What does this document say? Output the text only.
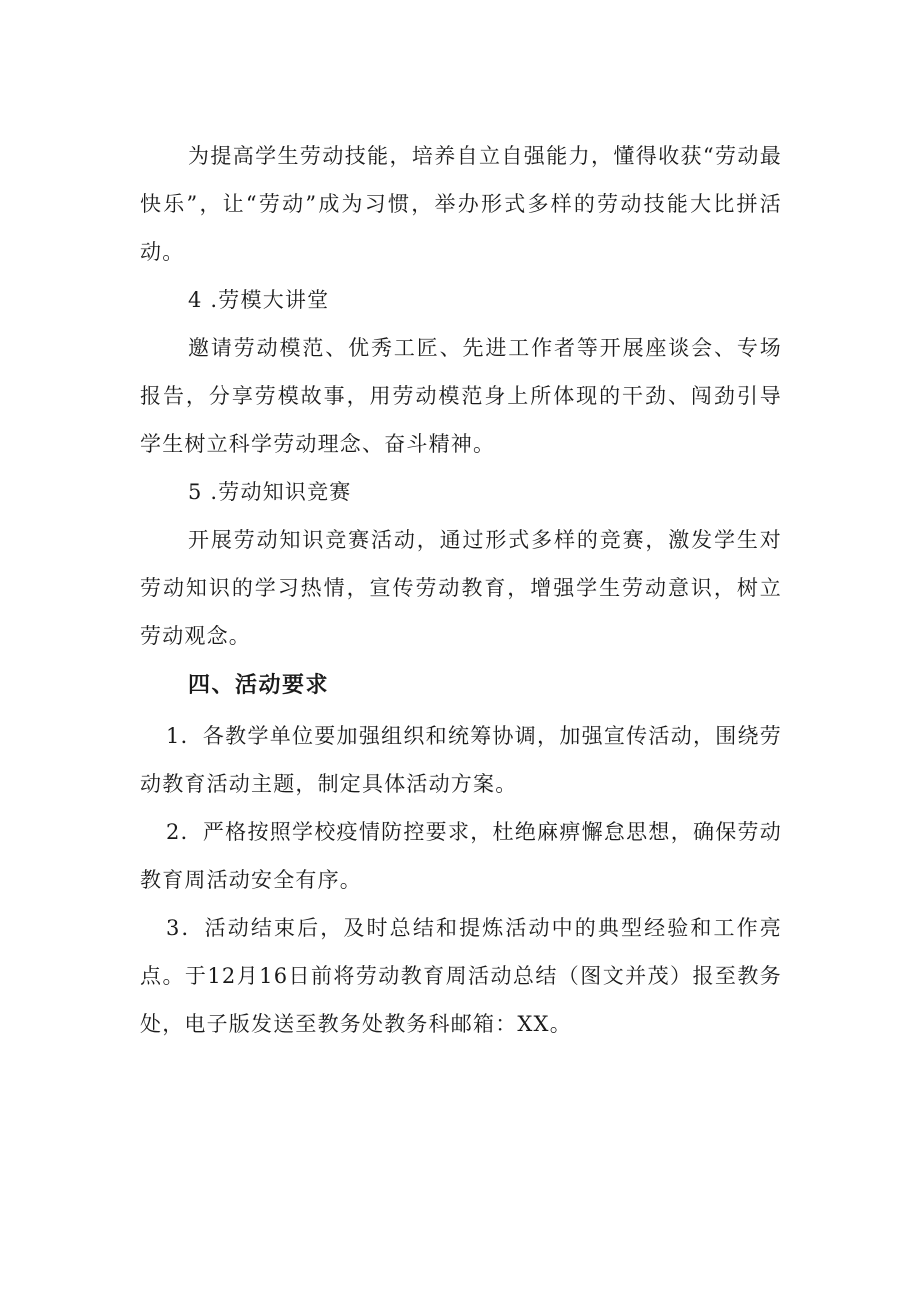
为提高学生劳动技能，培养自立自强能力，懂得收获“劳动最快乐”，让“劳动”成为习惯，举办形式多样的劳动技能大比拼活动。

4 .劳模大讲堂

邀请劳动模范、优秀工匠、先进工作者等开展座谈会、专场报告，分享劳模故事，用劳动模范身上所体现的干劲、闯劲引导学生树立科学劳动理念、奋斗精神。

5 .劳动知识竞赛

开展劳动知识竞赛活动，通过形式多样的竞赛，激发学生对劳动知识的学习热情，宣传劳动教育，增强学生劳动意识，树立劳动观念。

四、活动要求

1．各教学单位要加强组织和统筹协调，加强宣传活动，围绕劳动教育活动主题，制定具体活动方案。

2．严格按照学校疫情防控要求，杜绝麻痹懈怠思想，确保劳动教育周活动安全有序。

3．活动结束后，及时总结和提炼活动中的典型经验和工作亮点。于12月16日前将劳动教育周活动总结（图文并茂）报至教务处，电子版发送至教务处教务科邮箱：XX。
